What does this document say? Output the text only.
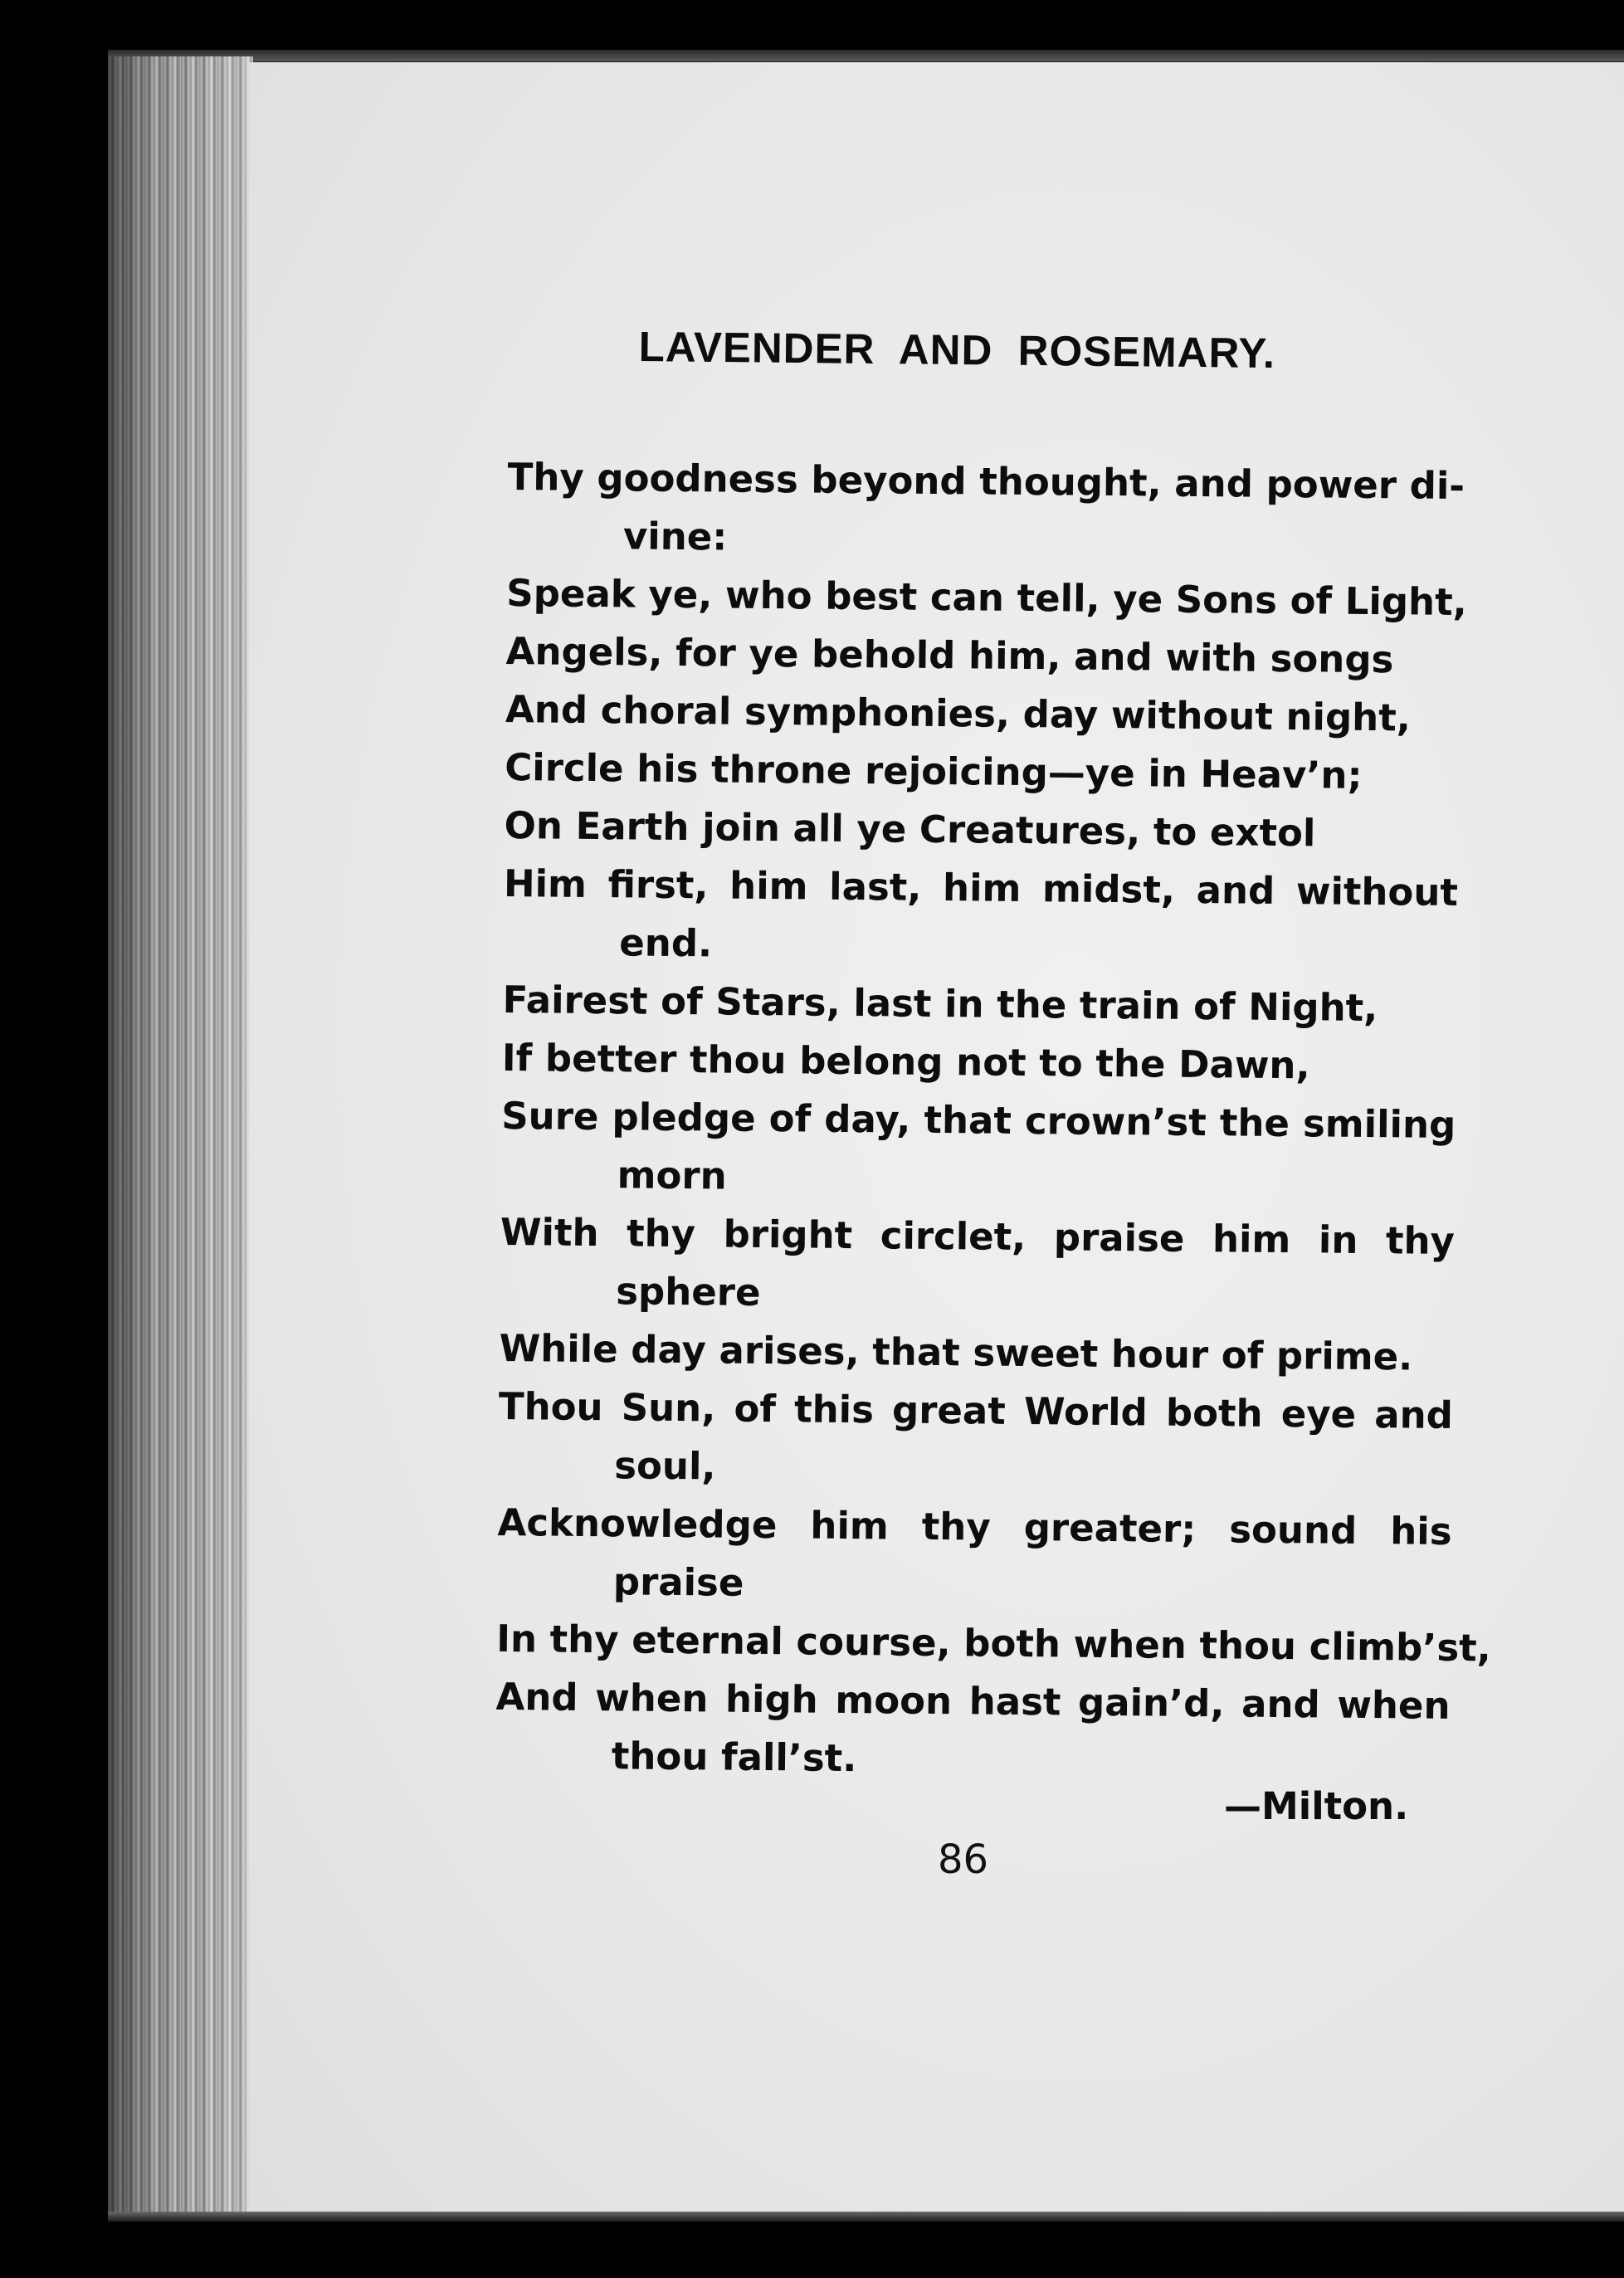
LAVENDER  AND  ROSEMARY.
Thy goodness beyond thought, and power di-
vine:
Speak ye, who best can tell, ye Sons of Light,
Angels, for ye behold him, and with songs
And choral symphonies, day without night,
Circle his throne rejoicing—ye in Heav’n;
On Earth join all ye Creatures, to extol
Him first, him last, him midst, and without
end.
Fairest of Stars, last in the train of Night,
If better thou belong not to the Dawn,
Sure pledge of day, that crown’st the smiling
morn
With thy bright circlet, praise him in thy
sphere
While day arises, that sweet hour of prime.
Thou Sun, of this great World both eye and
soul,
Acknowledge him thy greater; sound his
praise
In thy eternal course, both when thou climb’st,
And when high moon hast gain’d, and when
thou fall’st.
—Milton.
86
